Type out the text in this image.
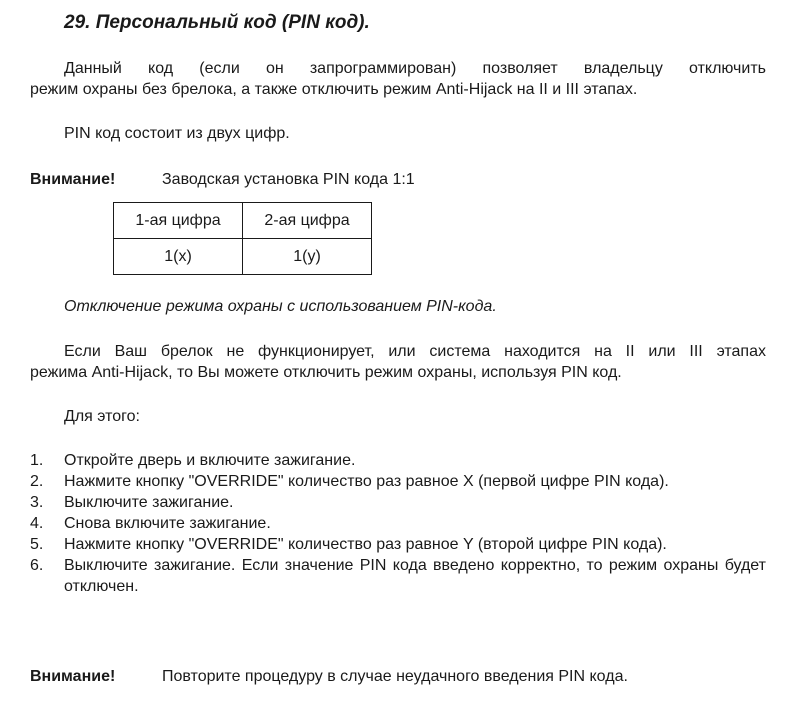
29. Персональный код (PIN код).
Данный код (если он запрограммирован) позволяет владельцу отключить
режим охраны без брелока, а также отключить режим Anti-Hijack на II и III этапах.
PIN код состоит из двух цифр.
Внимание!	Заводская установка PIN кода 1:1
1-ая цифра	2-ая цифра
1(x)	1(y)
Отключение режима охраны с использованием PIN-кода.
Если Ваш брелок не функционирует, или система находится на II или III этапах
режима Anti-Hijack, то Вы можете отключить режим охраны, используя PIN код.
Для этого:
1. Откройте дверь и включите зажигание.
2. Нажмите кнопку "OVERRIDE" количество раз равное X (первой цифре PIN кода).
3. Выключите зажигание.
4. Снова включите зажигание.
5. Нажмите кнопку "OVERRIDE" количество раз равное Y (второй цифре PIN кода).
6. Выключите зажигание. Если значение PIN кода введено корректно, то режим охраны будет отключен.
Внимание!	Повторите процедуру в случае неудачного введения PIN кода.
